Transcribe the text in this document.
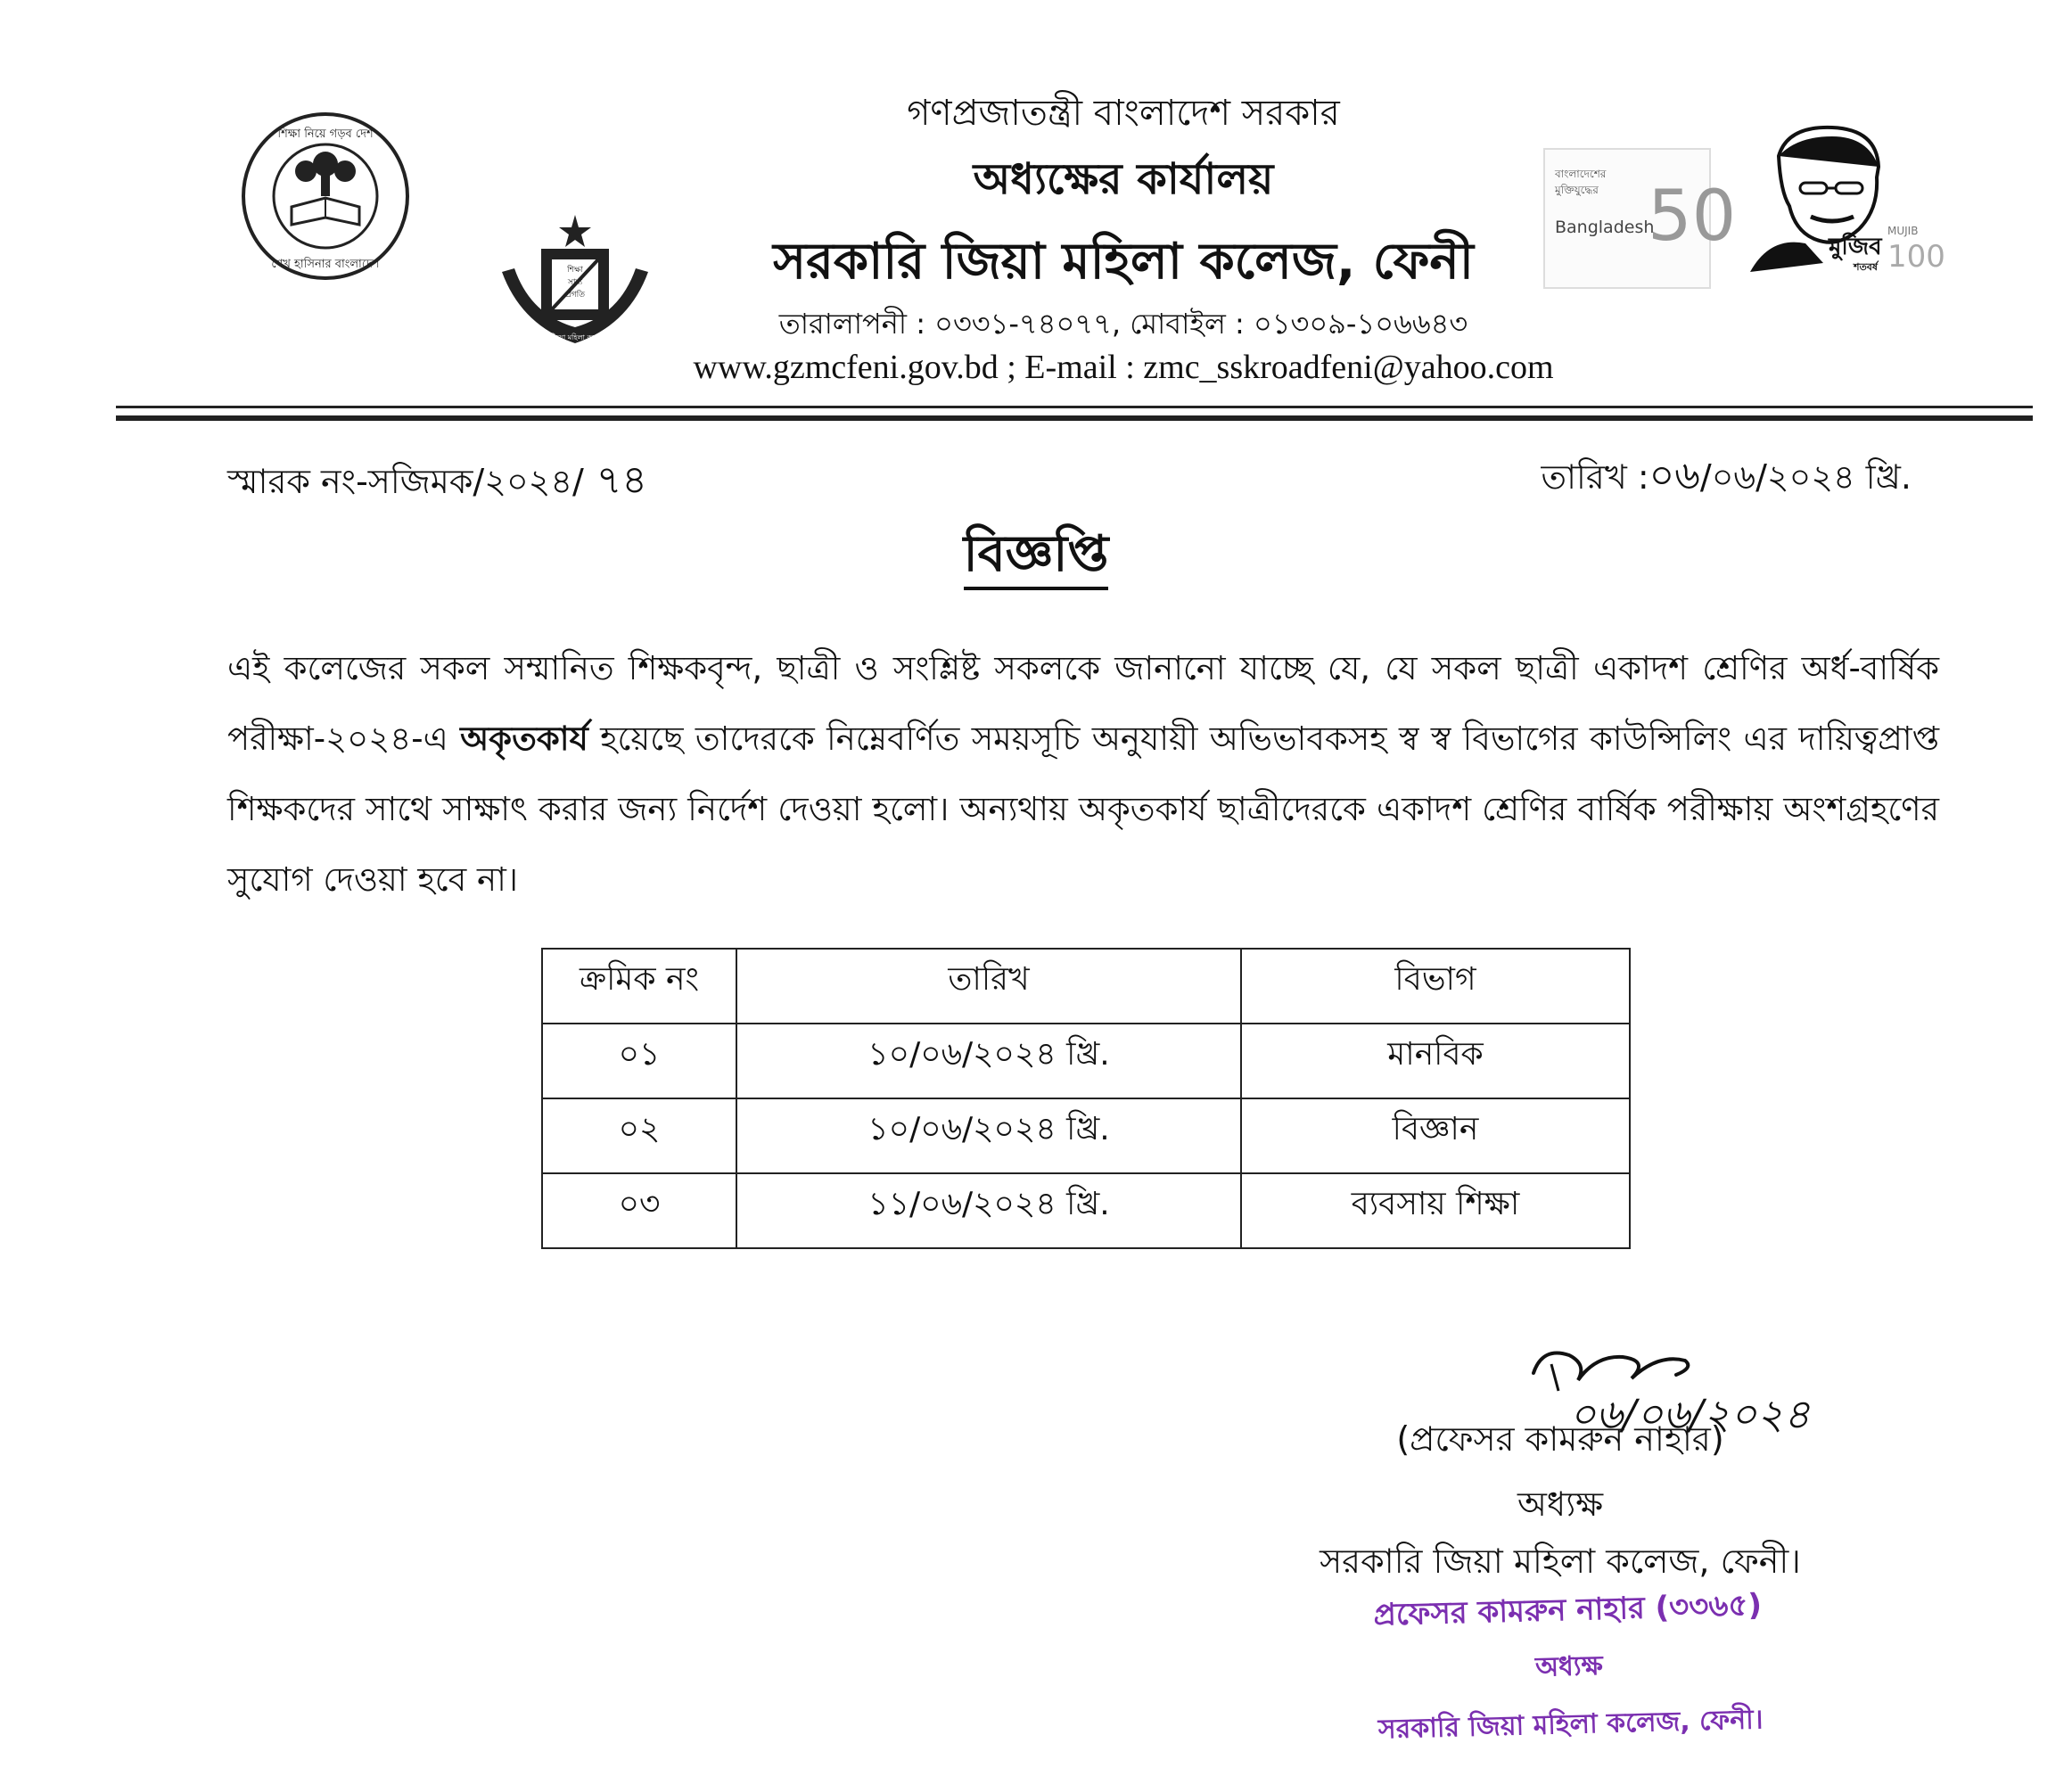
শিক্ষা নিয়ে গড়ব দেশ
শেখ হাসিনার বাংলাদেশ	শিক্ষা
সাম্য
প্রগতি
সরকারি জিয়া মহিলা কলেজ ফেনী
বাংলাদেশের
মুক্তিযুদ্ধের
Bangladesh
50	মুজিব
শতবর্ষ
MUJIB
100
গণপ্রজাতন্ত্রী বাংলাদেশ সরকার
অধ্যক্ষের কার্যালয়
সরকারি জিয়া মহিলা কলেজ, ফেনী
তারালাপনী : ০৩৩১-৭৪০৭৭, মোবাইল : ০১৩০৯-১০৬৬৪৩
www.gzmcfeni.gov.bd ; E-mail : zmc_sskroadfeni@yahoo.com
স্মারক নং-সজিমক/২০২৪/ ৭৪	তারিখ :০৬/০৬/২০২৪ খ্রি.
বিজ্ঞপ্তি
এই কলেজের সকল সম্মানিত শিক্ষকবৃন্দ, ছাত্রী ও সংশ্লিষ্ট সকলকে জানানো যাচ্ছে যে, যে সকল ছাত্রী একাদশ শ্রেণির অর্ধ-বার্ষিক পরীক্ষা-২০২৪-এ অকৃতকার্য হয়েছে তাদেরকে নিম্নেবর্ণিত সময়সূচি অনুযায়ী অভিভাবকসহ স্ব স্ব বিভাগের কাউন্সিলিং এর দায়িত্বপ্রাপ্ত শিক্ষকদের সাথে সাক্ষাৎ করার জন্য নির্দেশ দেওয়া হলো। অন্যথায় অকৃতকার্য ছাত্রীদেরকে একাদশ শ্রেণির বার্ষিক পরীক্ষায় অংশগ্রহণের সুযোগ দেওয়া হবে না।
ক্রমিক নং	তারিখ	বিভাগ
০১	১০/০৬/২০২৪ খ্রি.	মানবিক
০২	১০/০৬/২০২৪ খ্রি.	বিজ্ঞান
০৩	১১/০৬/২০২৪ খ্রি.	ব্যবসায় শিক্ষা
০৬/০৬/২০২৪
(প্রফেসর কামরুন নাহার)
অধ্যক্ষ
সরকারি জিয়া মহিলা কলেজ, ফেনী।
প্রফেসর কামরুন নাহার (৩৩৬৫)
অধ্যক্ষ
সরকারি জিয়া মহিলা কলেজ, ফেনী।
